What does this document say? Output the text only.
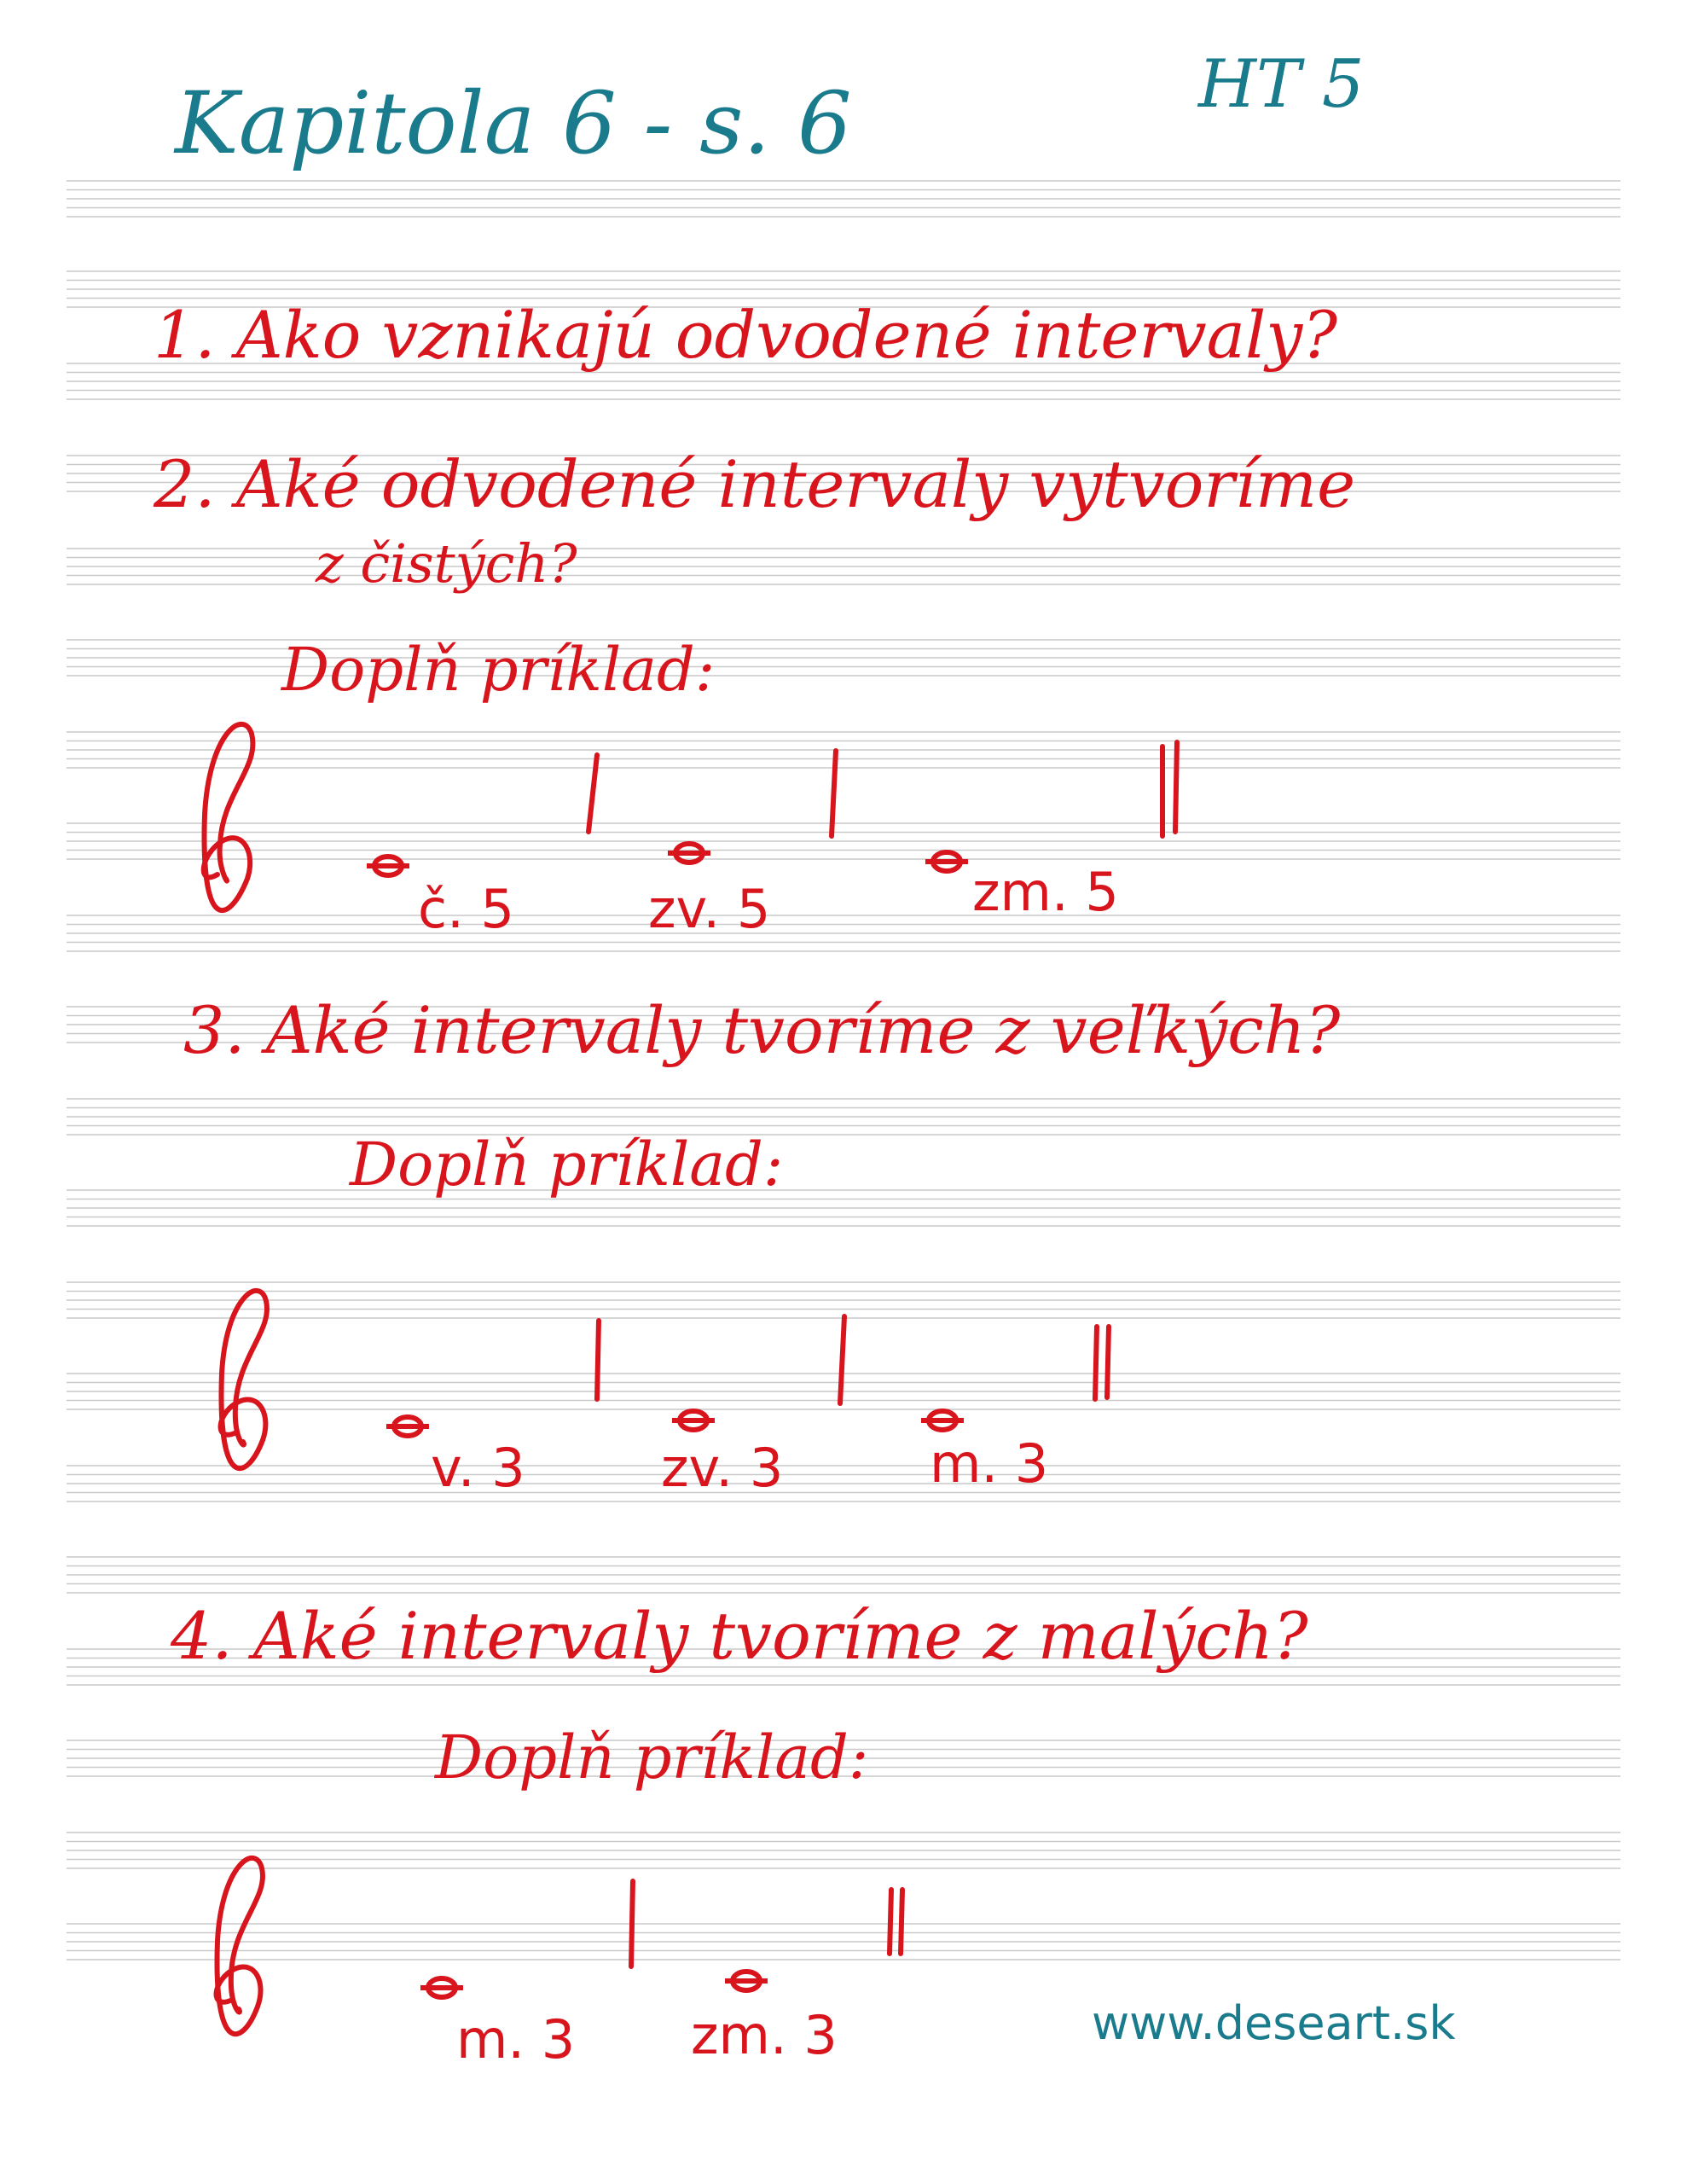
Kapitola 6 - s. 6	HT 5
1. Ako vznikajú odvodené intervaly?
2. Aké odvodené intervaly vytvoríme
z čistých?
Doplň príklad:
3. Aké intervaly tvoríme z veľkých?
Doplň príklad:
4. Aké intervaly tvoríme z malých?
Doplň príklad:
č. 5	zv. 5	zm. 5
v. 3	zv. 3	m. 3
m. 3 zm. 3	www.deseart.sk
